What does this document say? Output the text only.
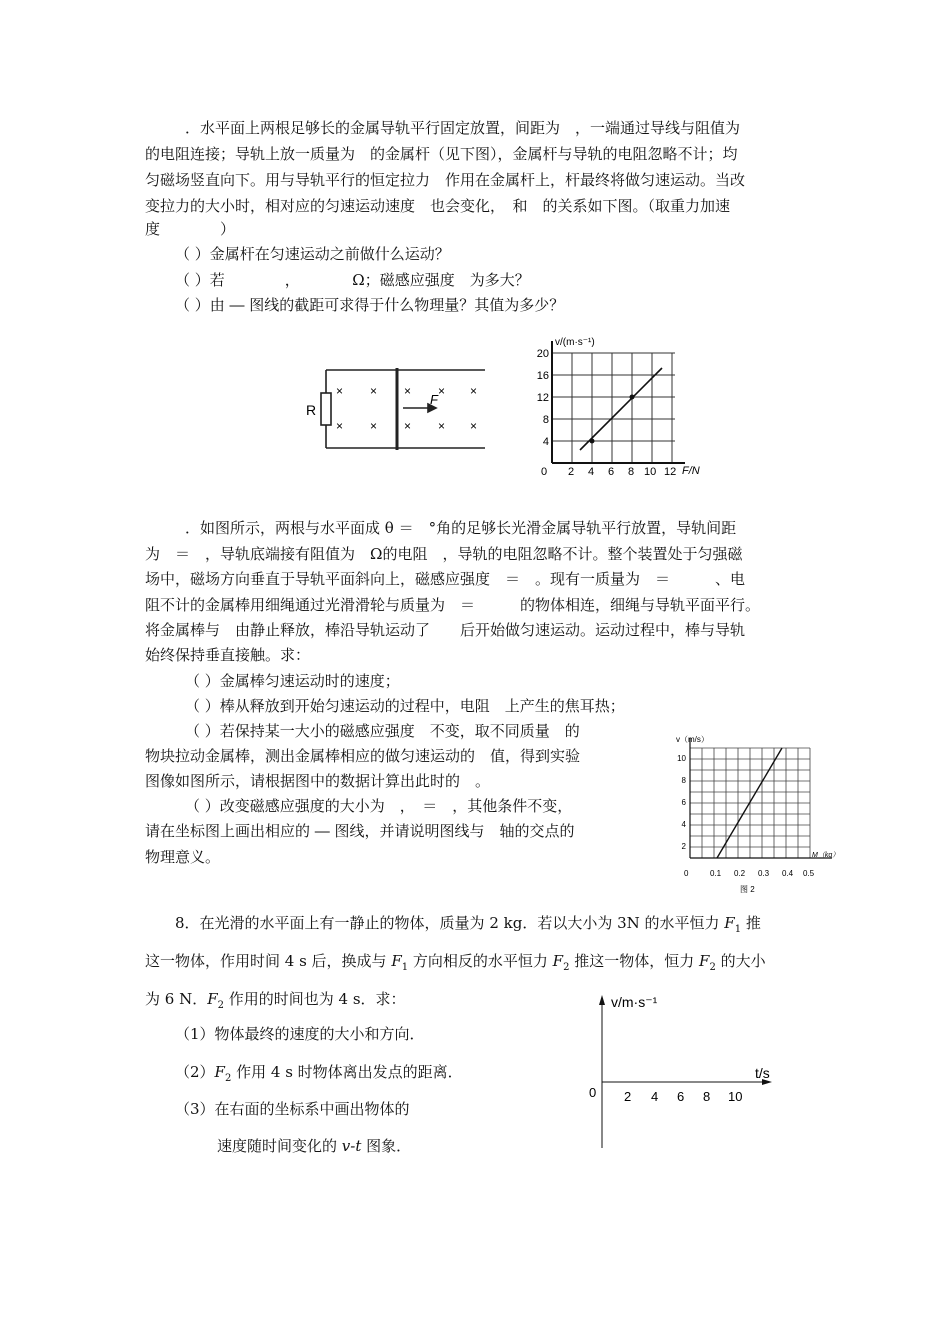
．水平面上两根足够长的金属导轨平行固定放置，间距为　，一端通过导线与阻值为
的电阻连接；导轨上放一质量为　的金属杆（见下图），金属杆与导轨的电阻忽略不计；均
匀磁场竖直向下。用与导轨平行的恒定拉力　作用在金属杆上，杆最终将做匀速运动。当改
变拉力的大小时，相对应的匀速运动速度　也会变化，　和　的关系如下图。（取重力加速
度　　　　）
（ ）金属杆在匀速运动之前做什么运动？
（ ）若　　　　，　　　　Ω；磁感应强度　为多大？
（ ）由 ― 图线的截距可求得于什么物理量？其值为多少？
R
F
× × × × ×
× × × × ×
v/(m·s⁻¹)
F/N
0 2 4 6 8 10 12
20
16
12
8
4
．如图所示，两根与水平面成 θ ＝　°角的足够长光滑金属导轨平行放置，导轨间距
为　＝　，导轨底端接有阻值为　Ω的电阻　，导轨的电阻忽略不计。整个装置处于匀强磁
场中，磁场方向垂直于导轨平面斜向上，磁感应强度　＝　。现有一质量为　＝　　　、电
阻不计的金属棒用细绳通过光滑滑轮与质量为　＝　　　的物体相连，细绳与导轨平面平行。
将金属棒与　由静止释放，棒沿导轨运动了　　后开始做匀速运动。运动过程中，棒与导轨
始终保持垂直接触。求：
（ ）金属棒匀速运动时的速度；
（ ）棒从释放到开始匀速运动的过程中，电阻　上产生的焦耳热；
（ ）若保持某一大小的磁感应强度　不变，取不同质量　的
物块拉动金属棒，测出金属棒相应的做匀速运动的　值，得到实验
图像如图所示，请根据图中的数据计算出此时的　。
（ ）改变磁感应强度的大小为　，　＝　，其他条件不变，
请在坐标图上画出相应的 ― 图线，并请说明图线与　轴的交点的
物理意义。
v（m/s）
M（kg）
0	0.1 0.2 0.3 0.4 0.5
10
8
6
4
2
图 2
8．在光滑的水平面上有一静止的物体，质量为 2 kg．若以大小为 3N 的水平恒力 $F_1$ 推
这一物体，作用时间 4 s 后，换成与 $F_1$ 方向相反的水平恒力 $F_2$ 推这一物体，恒力 $F_2$ 的大小
为 6 N．$F_2$ 作用的时间也为 4 s．求：
（1）物体最终的速度的大小和方向．
$(2)F_2$ 作用 4 s 时物体离出发点的距离．
（3）在右面的坐标系中画出物体的
速度随时间变化的 v-t 图象．
v/m·s⁻¹
t/s
0 2 4 6 8 10
